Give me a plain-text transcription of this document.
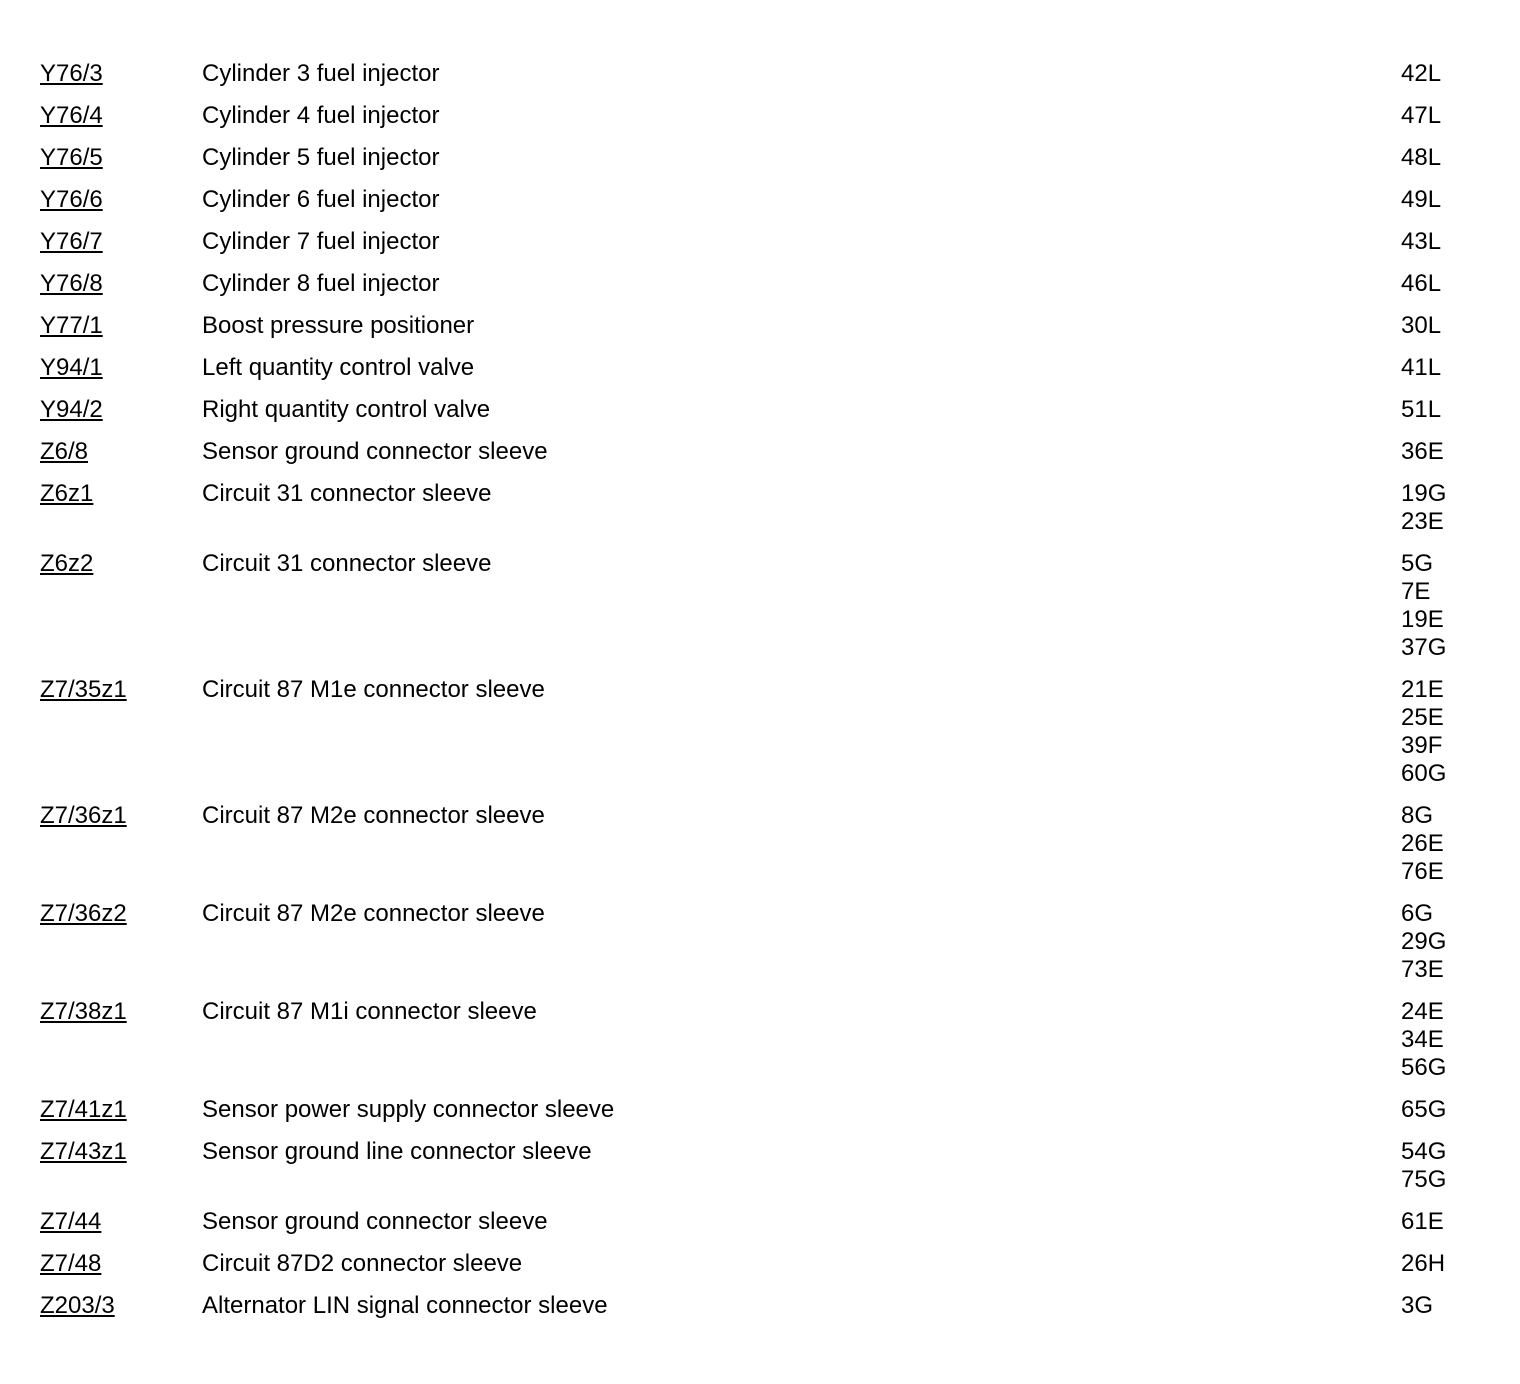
Y76/3	Cylinder 3 fuel injector	42L
Y76/4	Cylinder 4 fuel injector	47L
Y76/5	Cylinder 5 fuel injector	48L
Y76/6	Cylinder 6 fuel injector	49L
Y76/7	Cylinder 7 fuel injector	43L
Y76/8	Cylinder 8 fuel injector	46L
Y77/1	Boost pressure positioner	30L
Y94/1	Left quantity control valve	41L
Y94/2	Right quantity control valve	51L
Z6/8	Sensor ground connector sleeve	36E
Z6z1	Circuit 31 connector sleeve	19G
23E
Z6z2	Circuit 31 connector sleeve	5G
7E
19E
37G
Z7/35z1	Circuit 87 M1e connector sleeve	21E
25E
39F
60G
Z7/36z1	Circuit 87 M2e connector sleeve	8G
26E
76E
Z7/36z2	Circuit 87 M2e connector sleeve	6G
29G
73E
Z7/38z1	Circuit 87 M1i connector sleeve	24E
34E
56G
Z7/41z1	Sensor power supply connector sleeve	65G
Z7/43z1	Sensor ground line connector sleeve	54G
75G
Z7/44	Sensor ground connector sleeve	61E
Z7/48	Circuit 87D2 connector sleeve	26H
Z203/3	Alternator LIN signal connector sleeve	3G
